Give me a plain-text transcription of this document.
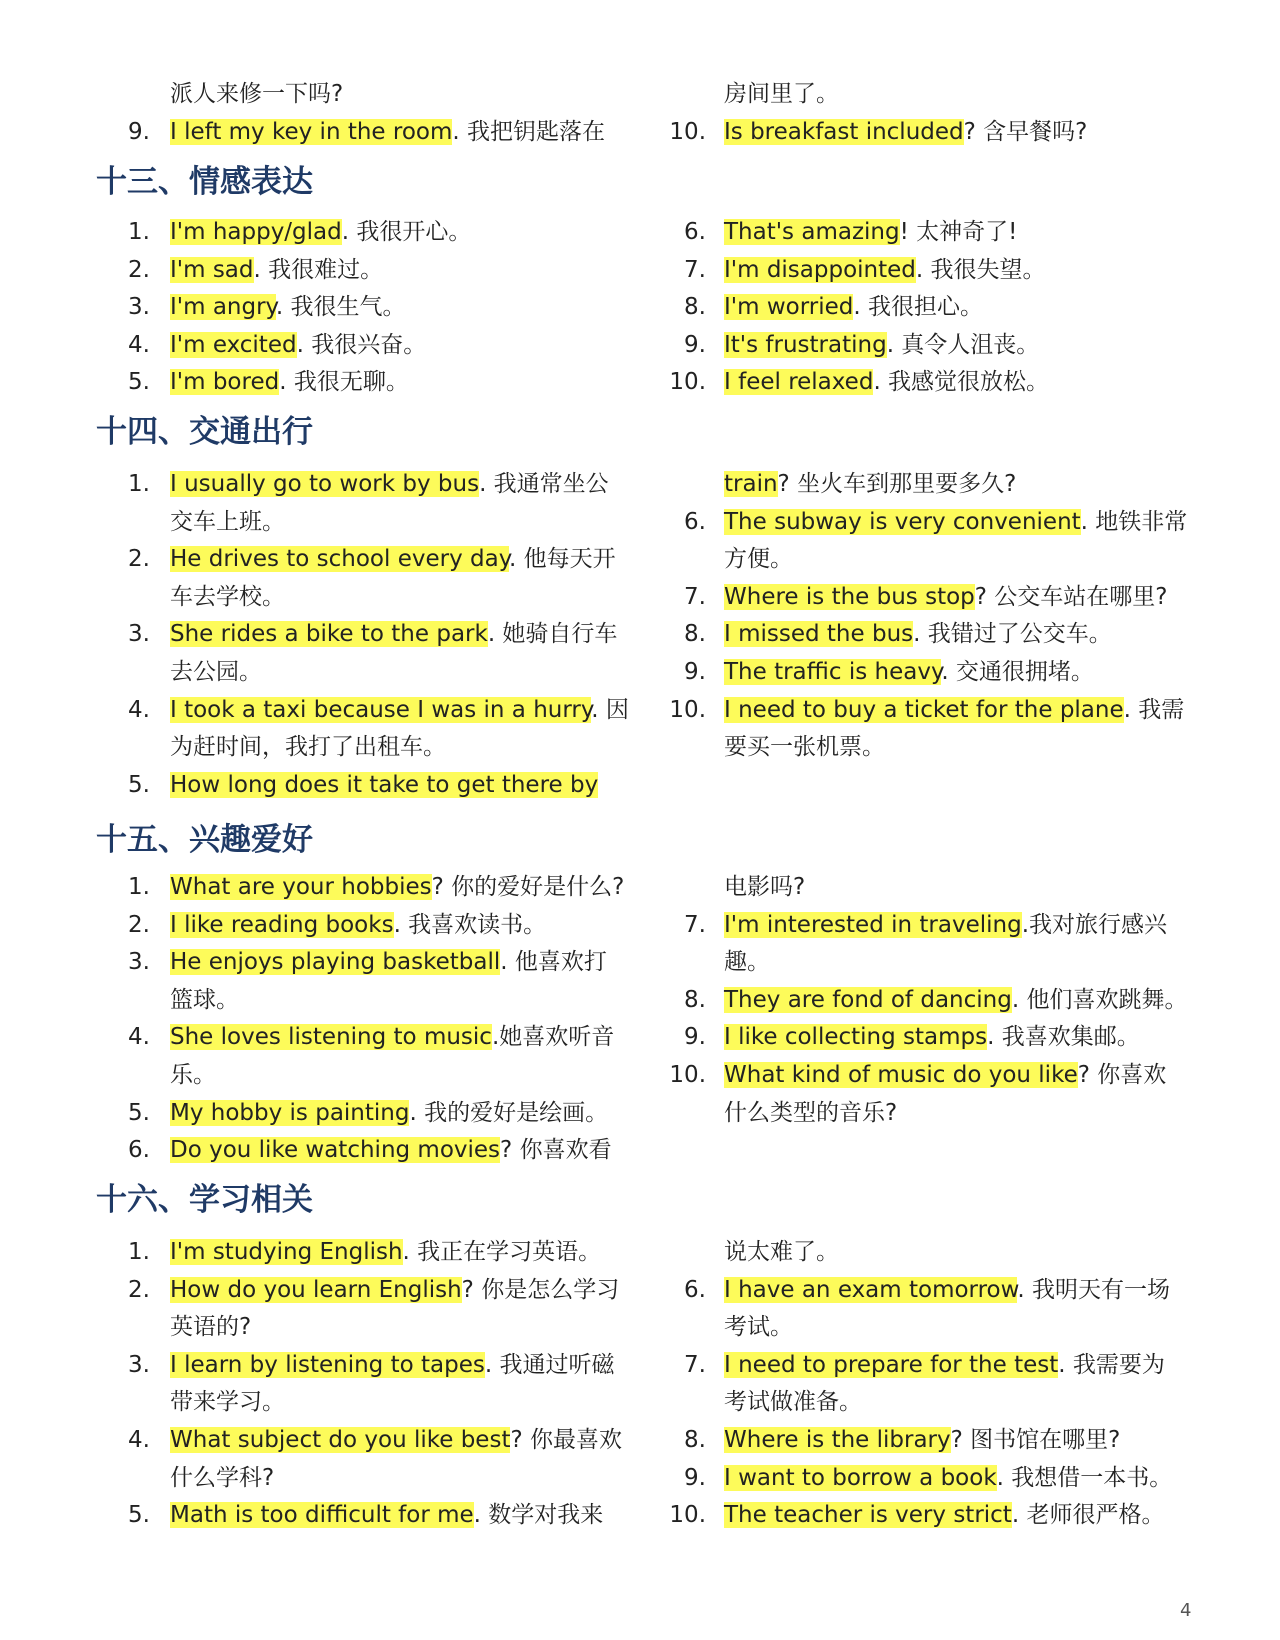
4
派人来修一下吗?
9. I left my key in the room. 我把钥匙落在
房间里了。
10. Is breakfast included? 含早餐吗?
十三、情感表达
1. I'm happy/glad. 我很开心。
2. I'm sad. 我很难过。
3. I'm angry. 我很生气。
4. I'm excited. 我很兴奋。
5. I'm bored. 我很无聊。
6. That's amazing! 太神奇了!
7. I'm disappointed. 我很失望。
8. I'm worried. 我很担心。
9. It's frustrating. 真令人沮丧。
10. I feel relaxed. 我感觉很放松。
十四、交通出行
1. I usually go to work by bus. 我通常坐公
交车上班。
2. He drives to school every day. 他每天开
车去学校。
3. She rides a bike to the park. 她骑自行车
去公园。
4. I took a taxi because I was in a hurry. 因
为赶时间，我打了出租车。
5. How long does it take to get there by
train? 坐火车到那里要多久?
6. The subway is very convenient. 地铁非常
方便。
7. Where is the bus stop? 公交车站在哪里?
8. I missed the bus. 我错过了公交车。
9. The traffic is heavy. 交通很拥堵。
10. I need to buy a ticket for the plane. 我需
要买一张机票。
十五、兴趣爱好
1. What are your hobbies? 你的爱好是什么?
2. I like reading books. 我喜欢读书。
3. He enjoys playing basketball. 他喜欢打
篮球。
4. She loves listening to music.她喜欢听音
乐。
5. My hobby is painting. 我的爱好是绘画。
6. Do you like watching movies? 你喜欢看
电影吗?
7. I'm interested in traveling.我对旅行感兴
趣。
8. They are fond of dancing. 他们喜欢跳舞。
9. I like collecting stamps. 我喜欢集邮。
10. What kind of music do you like? 你喜欢
什么类型的音乐?
十六、学习相关
1. I'm studying English. 我正在学习英语。
2. How do you learn English? 你是怎么学习
英语的?
3. I learn by listening to tapes. 我通过听磁
带来学习。
4. What subject do you like best? 你最喜欢
什么学科?
5. Math is too difficult for me. 数学对我来
说太难了。
6. I have an exam tomorrow. 我明天有一场
考试。
7. I need to prepare for the test. 我需要为
考试做准备。
8. Where is the library? 图书馆在哪里?
9. I want to borrow a book. 我想借一本书。
10. The teacher is very strict. 老师很严格。
